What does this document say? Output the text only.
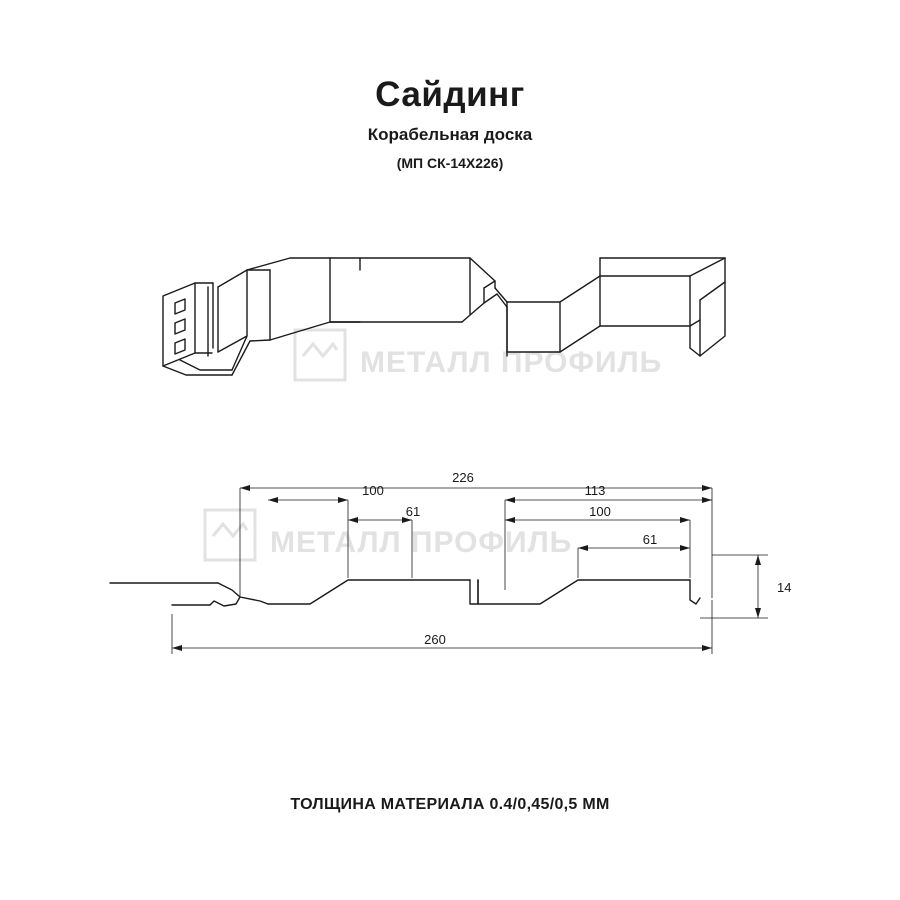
Сайдинг
Корабельная доска
(МП СК-14Х226)
МЕТАЛЛ ПРОФИЛЬ
МЕТАЛЛ ПРОФИЛЬ
226
100	113
61	100
61
14
260
ТОЛЩИНА МАТЕРИАЛА 0.4/0,45/0,5 ММ
